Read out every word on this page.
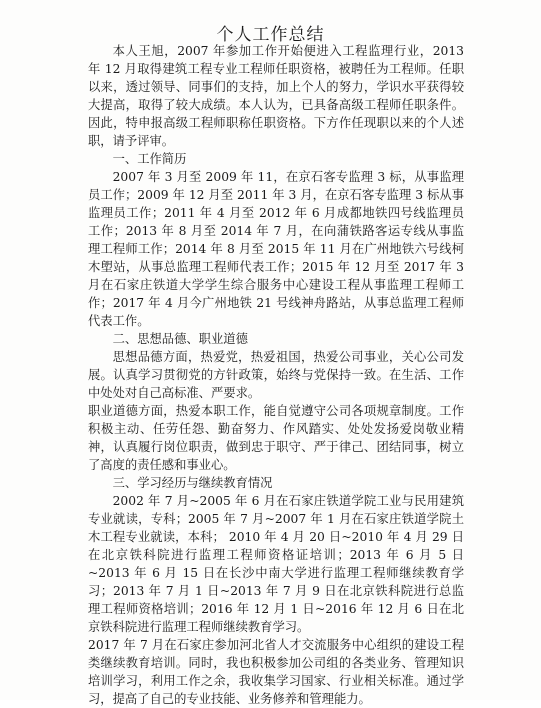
个人工作总结

本人王旭，2007 年参加工作开始便进入工程监理行业，2013 年 12 月取得建筑工程专业工程师任职资格，被聘任为工程师。任职以来，透过领导、同事们的支持，加上个人的努力，学识水平获得较大提高，取得了较大成绩。本人认为，已具备高级工程师任职条件。因此，特申报高级工程师职称任职资格。下方作任现职以来的个人述职，请予评审。

一、工作简历

2007 年 3 月至 2009 年 11，在京石客专监理 3 标，从事监理员工作；2009 年 12 月至 2011 年 3 月，在京石客专监理 3 标从事监理员工作；2011 年 4 月至 2012 年 6 月成都地铁四号线监理员工作；2013 年 8 月至 2014 年 7 月，在向蒲铁路客运专线从事监理工程师工作；2014 年 8 月至 2015 年 11 月在广州地铁六号线柯木塱站，从事总监理工程师代表工作；2015 年 12 月至 2017 年 3 月在石家庄铁道大学学生综合服务中心建设工程从事监理工程师工作；2017 年 4 月今广州地铁 21 号线神舟路站，从事总监理工程师代表工作。

二、思想品德、职业道德

思想品德方面，热爱党，热爱祖国，热爱公司事业，关心公司发展。认真学习贯彻党的方针政策，始终与党保持一致。在生活、工作中处处对自己高标准、严要求。

职业道德方面，热爱本职工作，能自觉遵守公司各项规章制度。工作积极主动、任劳任怨、勤奋努力、作风踏实、处处发扬爱岗敬业精神，认真履行岗位职责，做到忠于职守、严于律己、团结同事，树立了高度的责任感和事业心。

三、学习经历与继续教育情况

2002 年 7 月~2005 年 6 月在石家庄铁道学院工业与民用建筑专业就读，专科；2005 年 7 月~2007 年 1 月在石家庄铁道学院土木工程专业就读，本科； 2010 年 4 月 20 日~2010 年 4 月 29 日在北京铁科院进行监理工程师资格证培训；2013 年 6 月 5 日~2013 年 6 月 15 日在长沙中南大学进行监理工程师继续教育学习；2013 年 7 月 1 日~2013 年 7 月 9 日在北京铁科院进行总监理工程师资格培训；2016 年 12 月 1 日~2016 年 12 月 6 日在北京铁科院进行监理工程师继续教育学习。

2017 年 7 月在石家庄参加河北省人才交流服务中心组织的建设工程类继续教育培训。同时，我也积极参加公司组的各类业务、管理知识培训学习，利用工作之余，我收集学习国家、行业相关标准。通过学习，提高了自己的专业技能、业务修养和管理能力。
